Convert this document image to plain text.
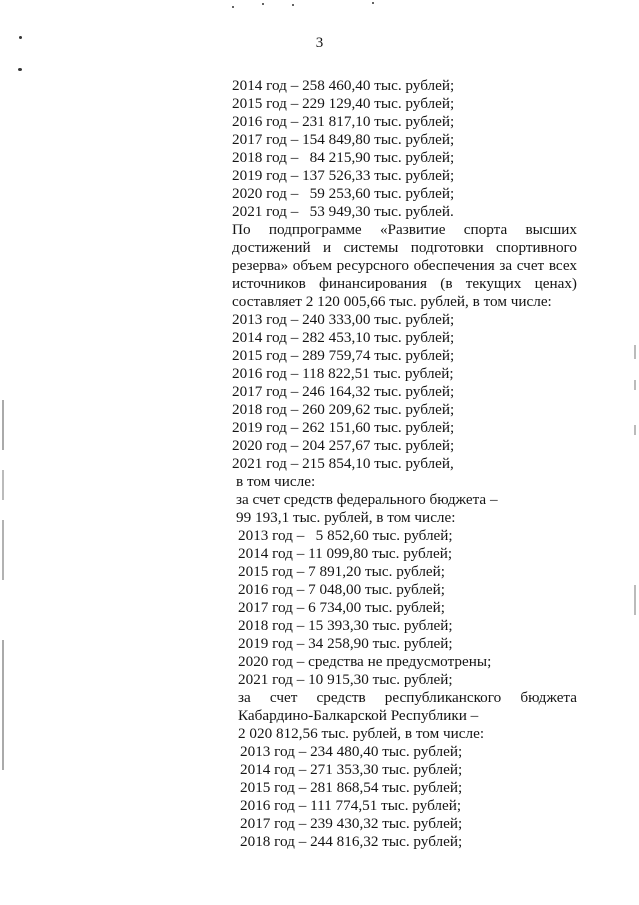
3
2014 год – 258 460,40 тыс. рублей;
2015 год – 229 129,40 тыс. рублей;
2016 год – 231 817,10 тыс. рублей;
2017 год – 154 849,80 тыс. рублей;
2018 год –   84 215,90 тыс. рублей;
2019 год – 137 526,33 тыс. рублей;
2020 год –   59 253,60 тыс. рублей;
2021 год –   53 949,30 тыс. рублей.
По подпрограмме «Развитие спорта высших
достижений и системы подготовки спортивного
резерва» объем ресурсного обеспечения за счет всех
источников финансирования (в текущих ценах)
составляет 2 120 005,66 тыс. рублей, в том числе:
2013 год – 240 333,00 тыс. рублей;
2014 год – 282 453,10 тыс. рублей;
2015 год – 289 759,74 тыс. рублей;
2016 год – 118 822,51 тыс. рублей;
2017 год – 246 164,32 тыс. рублей;
2018 год – 260 209,62 тыс. рублей;
2019 год – 262 151,60 тыс. рублей;
2020 год – 204 257,67 тыс. рублей;
2021 год – 215 854,10 тыс. рублей,
в том числе:
за счет средств федерального бюджета –
99 193,1 тыс. рублей, в том числе:
2013 год –   5 852,60 тыс. рублей;
2014 год – 11 099,80 тыс. рублей;
2015 год – 7 891,20 тыс. рублей;
2016 год – 7 048,00 тыс. рублей;
2017 год – 6 734,00 тыс. рублей;
2018 год – 15 393,30 тыс. рублей;
2019 год – 34 258,90 тыс. рублей;
2020 год – средства не предусмотрены;
2021 год – 10 915,30 тыс. рублей;
за счет средств республиканского бюджета
Кабардино-Балкарской Республики –
2 020 812,56 тыс. рублей, в том числе:
2013 год – 234 480,40 тыс. рублей;
2014 год – 271 353,30 тыс. рублей;
2015 год – 281 868,54 тыс. рублей;
2016 год – 111 774,51 тыс. рублей;
2017 год – 239 430,32 тыс. рублей;
2018 год – 244 816,32 тыс. рублей;
